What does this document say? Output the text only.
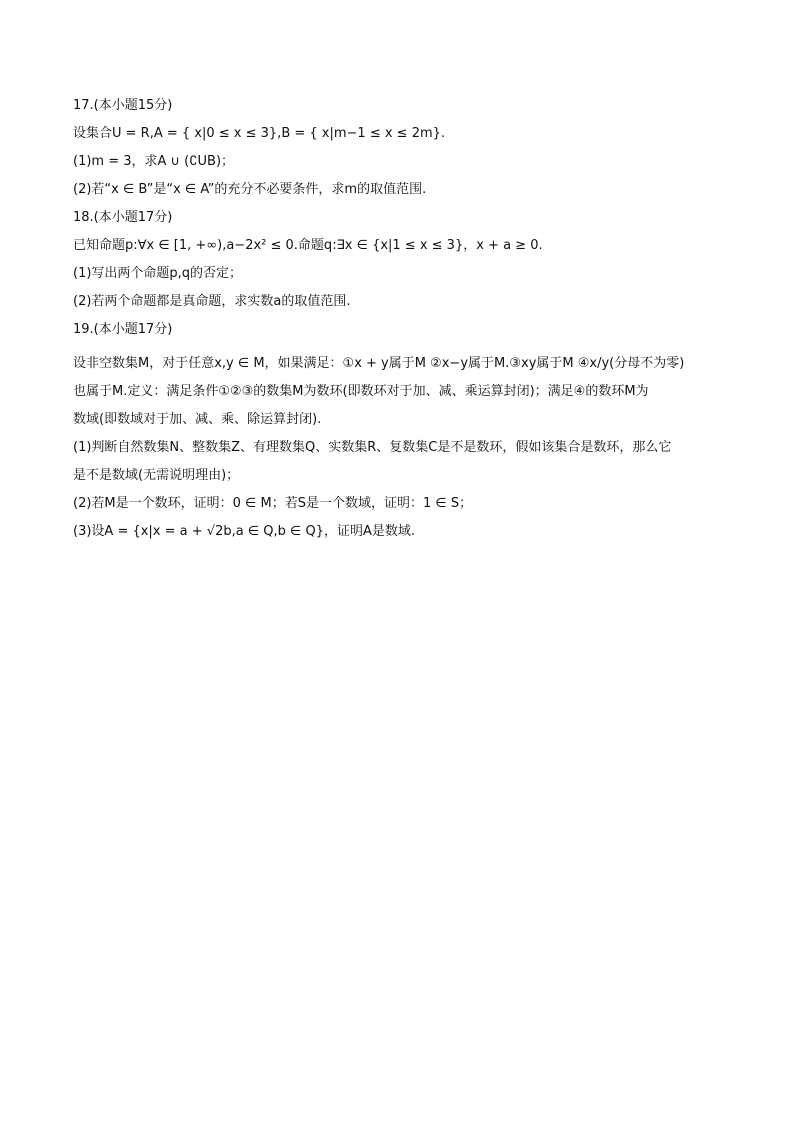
17.(本小题15分)

设集合U = R,A = { x|0 ≤ x ≤ 3},B = { x|m−1 ≤ x ≤ 2m}.

(1)m = 3，求A ∪ (∁UB)；

(2)若“x ∈ B”是“x ∈ A”的充分不必要条件，求m的取值范围.

18.(本小题17分)

已知命题p:∀x ∈ [1, +∞),a−2x² ≤ 0.命题q:∃x ∈ {x|1 ≤ x ≤ 3}，x + a ≥ 0.

(1)写出两个命题p,q的否定；

(2)若两个命题都是真命题，求实数a的取值范围.

19.(本小题17分)

设非空数集M，对于任意x,y ∈ M，如果满足：①x + y属于M ②x−y属于M.③xy属于M ④x/y(分母不为零)

也属于M.定义：满足条件①②③的数集M为数环(即数环对于加、减、乘运算封闭)；满足④的数环M为

数域(即数域对于加、减、乘、除运算封闭).

(1)判断自然数集N、整数集Z、有理数集Q、实数集R、复数集C是不是数环，假如该集合是数环，那么它

是不是数域(无需说明理由)；

(2)若M是一个数环，证明：0 ∈ M；若S是一个数域，证明：1 ∈ S；

(3)设A = {x|x = a + √2b,a ∈ Q,b ∈ Q}，证明A是数域.
